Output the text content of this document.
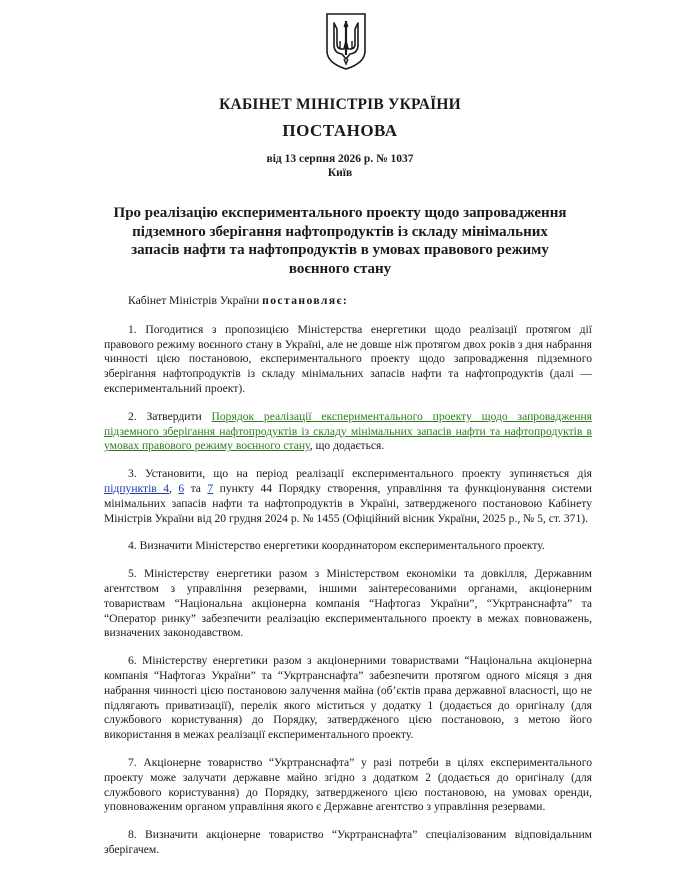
КАБІНЕТ МІНІСТРІВ УКРАЇНИ
ПОСТАНОВА
від 13 серпня 2026 р. № 1037
Київ
Про реалізацію експериментального проекту щодо запровадження підземного зберігання нафтопродуктів із складу мінімальних запасів нафти та нафтопродуктів в умовах правового режиму воєнного стану

Кабінет Міністрів України постановляє:

1. Погодитися з пропозицією Міністерства енергетики щодо реалізації протягом дії правового режиму воєнного стану в Україні, але не довше ніж протягом двох років з дня набрання чинності цією постановою, експериментального проекту щодо запровадження підземного зберігання нафтопродуктів із складу мінімальних запасів нафти та нафтопродуктів (далі — експериментальний проект).

2. Затвердити Порядок реалізації експериментального проекту щодо запровадження підземного зберігання нафтопродуктів із складу мінімальних запасів нафти та нафтопродуктів в умовах правового режиму воєнного стану, що додається.

3. Установити, що на період реалізації експериментального проекту зупиняється дія підпунктів 4, 6 та 7 пункту 44 Порядку створення, управління та функціонування системи мінімальних запасів нафти та нафтопродуктів в Україні, затвердженого постановою Кабінету Міністрів України від 20 грудня 2024 р. № 1455 (Офіційний вісник України, 2025 р., № 5, ст. 371).

4. Визначити Міністерство енергетики координатором експериментального проекту.

5. Міністерству енергетики разом з Міністерством економіки та довкілля, Державним агентством з управління резервами, іншими заінтересованими органами, акціонерним товариствам “Національна акціонерна компанія “Нафтогаз України”, “Укртранснафта” та “Оператор ринку” забезпечити реалізацію експериментального проекту в межах повноважень, визначених законодавством.

6. Міністерству енергетики разом з акціонерними товариствами “Національна акціонерна компанія “Нафтогаз України” та “Укртранснафта” забезпечити протягом одного місяця з дня набрання чинності цією постановою залучення майна (об’єктів права державної власності, що не підлягають приватизації), перелік якого міститься у додатку 1 (додається до оригіналу (для службового користування) до Порядку, затвердженого цією постановою, з метою його використання в межах реалізації експериментального проекту.

7. Акціонерне товариство “Укртранснафта” у разі потреби в цілях експериментального проекту може залучати державне майно згідно з додатком 2 (додається до оригіналу (для службового користування) до Порядку, затвердженого цією постановою, на умовах оренди, уповноваженим органом управління якого є Державне агентство з управління резервами.

8. Визначити акціонерне товариство “Укртранснафта” спеціалізованим відповідальним зберігачем.
